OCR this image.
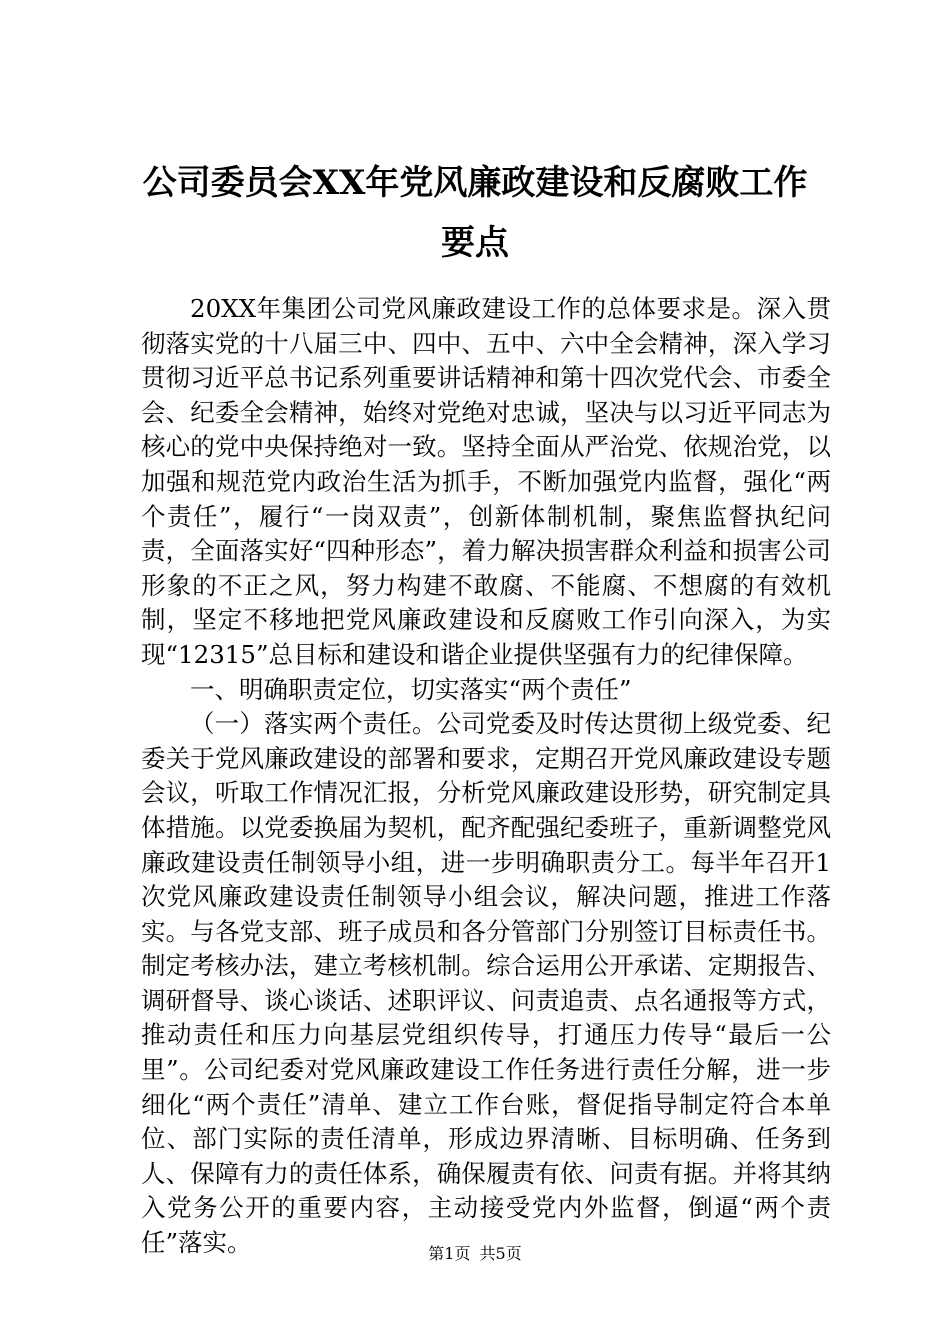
公司委员会XX年党风廉政建设和反腐败工作
要点

20XX年集团公司党风廉政建设工作的总体要求是。深入贯彻落实党的十八届三中、四中、五中、六中全会精神，深入学习贯彻习近平总书记系列重要讲话精神和第十四次党代会、市委全会、纪委全会精神，始终对党绝对忠诚，坚决与以习近平同志为核心的党中央保持绝对一致。坚持全面从严治党、依规治党，以加强和规范党内政治生活为抓手，不断加强党内监督，强化“两个责任”，履行“一岗双责”，创新体制机制，聚焦监督执纪问责，全面落实好“四种形态”，着力解决损害群众利益和损害公司形象的不正之风，努力构建不敢腐、不能腐、不想腐的有效机制，坚定不移地把党风廉政建设和反腐败工作引向深入，为实现“12315”总目标和建设和谐企业提供坚强有力的纪律保障。

一、明确职责定位，切实落实“两个责任”

（一）落实两个责任。公司党委及时传达贯彻上级党委、纪委关于党风廉政建设的部署和要求，定期召开党风廉政建设专题会议，听取工作情况汇报，分析党风廉政建设形势，研究制定具体措施。以党委换届为契机，配齐配强纪委班子，重新调整党风廉政建设责任制领导小组，进一步明确职责分工。每半年召开1次党风廉政建设责任制领导小组会议，解决问题，推进工作落实。与各党支部、班子成员和各分管部门分别签订目标责任书。制定考核办法，建立考核机制。综合运用公开承诺、定期报告、调研督导、谈心谈话、述职评议、问责追责、点名通报等方式，推动责任和压力向基层党组织传导，打通压力传导“最后一公里”。公司纪委对党风廉政建设工作任务进行责任分解，进一步细化“两个责任”清单、建立工作台账，督促指导制定符合本单位、部门实际的责任清单，形成边界清晰、目标明确、任务到人、保障有力的责任体系，确保履责有依、问责有据。并将其纳入党务公开的重要内容，主动接受党内外监督，倒逼“两个责任”落实。	第1页 共5页
